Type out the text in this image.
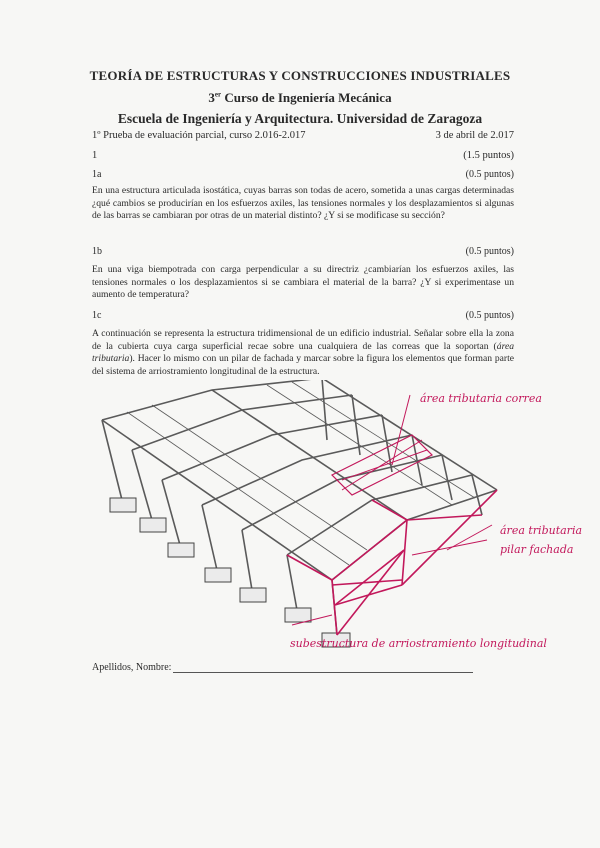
TEORÍA DE ESTRUCTURAS Y CONSTRUCCIONES INDUSTRIALES
3er Curso de Ingeniería Mecánica
Escuela de Ingeniería y Arquitectura. Universidad de Zaragoza
1º Prueba de evaluación parcial, curso 2.016-2.017	3 de abril de 2.017
1	(1.5 puntos)
1a	(0.5 puntos)
En una estructura articulada isostática, cuyas barras son todas de acero, sometida a unas cargas determinadas ¿qué cambios se producirían en los esfuerzos axiles, las tensiones normales y los desplazamientos si algunas de las barras se cambiaran por otras de un material distinto? ¿Y si se modificase su sección?
1b	(0.5 puntos)
En una viga biempotrada con carga perpendicular a su directriz ¿cambiarían los esfuerzos axiles, las tensiones normales o los desplazamientos si se cambiara el material de la barra? ¿Y si experimentase un aumento de temperatura?
1c	(0.5 puntos)
A continuación se representa la estructura tridimensional de un edificio industrial. Señalar sobre ella la zona de la cubierta cuya carga superficial recae sobre una cualquiera de las correas que la soportan (área tributaria). Hacer lo mismo con un pilar de fachada y marcar sobre la figura los elementos que forman parte del sistema de arriostramiento longitudinal de la estructura.
área tributaria correa
área tributaria
pilar fachada
subestructura de arriostramiento longitudinal
Apellidos, Nombre:
